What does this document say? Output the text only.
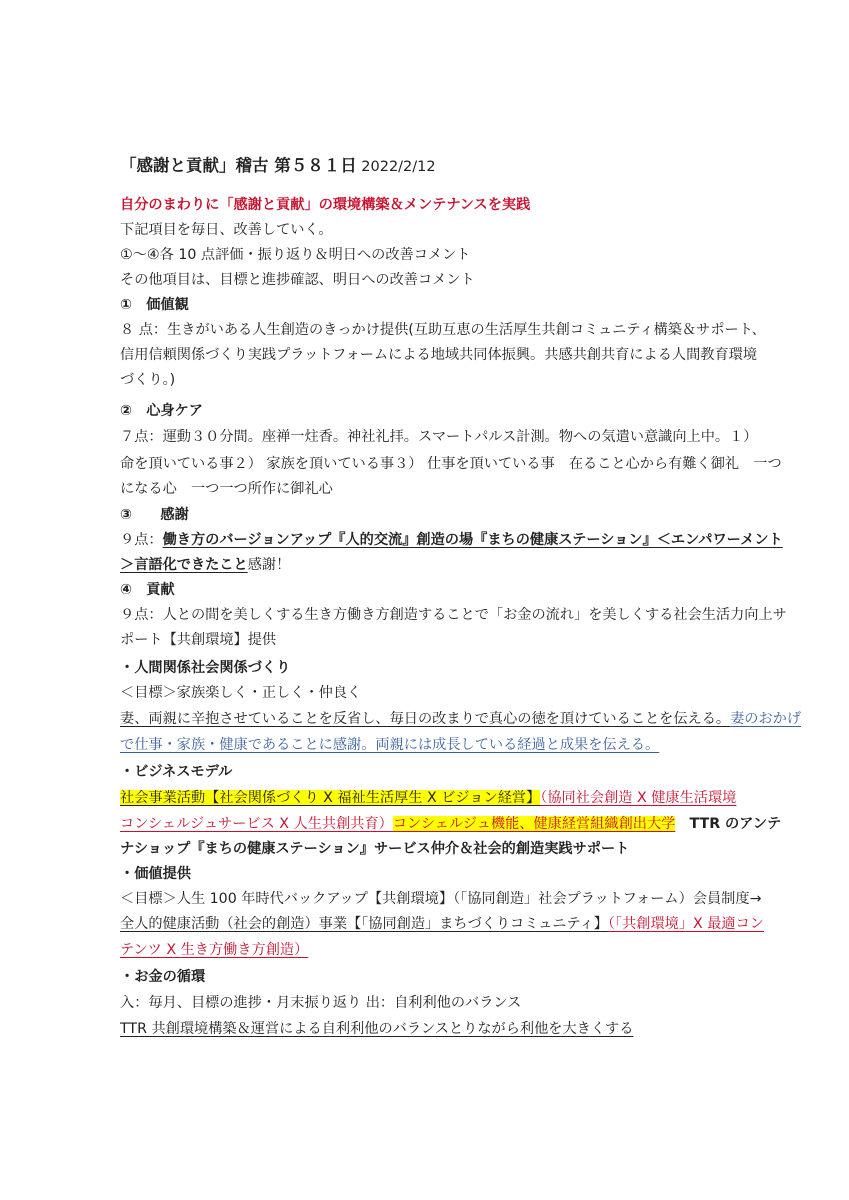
「感謝と貢献」稽古 第５８１日 2022/2/12
自分のまわりに「感謝と貢献」の環境構築＆メンテナンスを実践
下記項目を毎日、改善していく。
①～④各 10 点評価・振り返り＆明日への改善コメント
その他項目は、目標と進捗確認、明日への改善コメント
①　価値観
８ 点：生きがいある人生創造のきっかけ提供(互助互恵の生活厚生共創コミュニティ構築＆サポート、
信用信頼関係づくり実践プラットフォームによる地域共同体振興。共感共創共育による人間教育環境
づくり。)
②　心身ケア
７点：運動３０分間。座禅一炷香。神社礼拝。スマートパルス計測。物への気遣い意識向上中。１）
命を頂いている事２） 家族を頂いている事３） 仕事を頂いている事　在ること心から有難く御礼　一つ
になる心　一つ一つ所作に御礼心
③　　感謝
９点：働き方のバージョンアップ『人的交流』創造の場『まちの健康ステーション』＜エンパワーメント
＞言語化できたこと感謝！
④　貢献
９点：人との間を美しくする生き方働き方創造することで「お金の流れ」を美しくする社会生活力向上サ
ポート【共創環境】提供
・人間関係社会関係づくり
＜目標＞家族楽しく・正しく・仲良く
妻、両親に辛抱させていることを反省し、毎日の改まりで真心の徳を頂けていることを伝える。妻のおかげ
で仕事・家族・健康であることに感謝。両親には成長している経過と成果を伝える。
・ビジネスモデル
社会事業活動【社会関係づくり X 福祉生活厚生 X ビジョン経営】（協同社会創造 X 健康生活環境
コンシェルジュサービス X 人生共創共育）コンシェルジュ機能、健康経営組織創出大学　TTR のアンテ
ナショップ『まちの健康ステーション』サービス仲介＆社会的創造実践サポート
・価値提供
＜目標＞人生 100 年時代バックアップ【共創環境】（「協同創造」社会プラットフォーム）会員制度→
全人的健康活動（社会的創造）事業【「協同創造」まちづくりコミュニティ】（「共創環境」X 最適コン
テンツ X 生き方働き方創造）
・お金の循環
入：毎月、目標の進捗・月末振り返り 出：自利利他のバランス
TTR 共創環境構築＆運営による自利利他のバランスとりながら利他を大きくする
